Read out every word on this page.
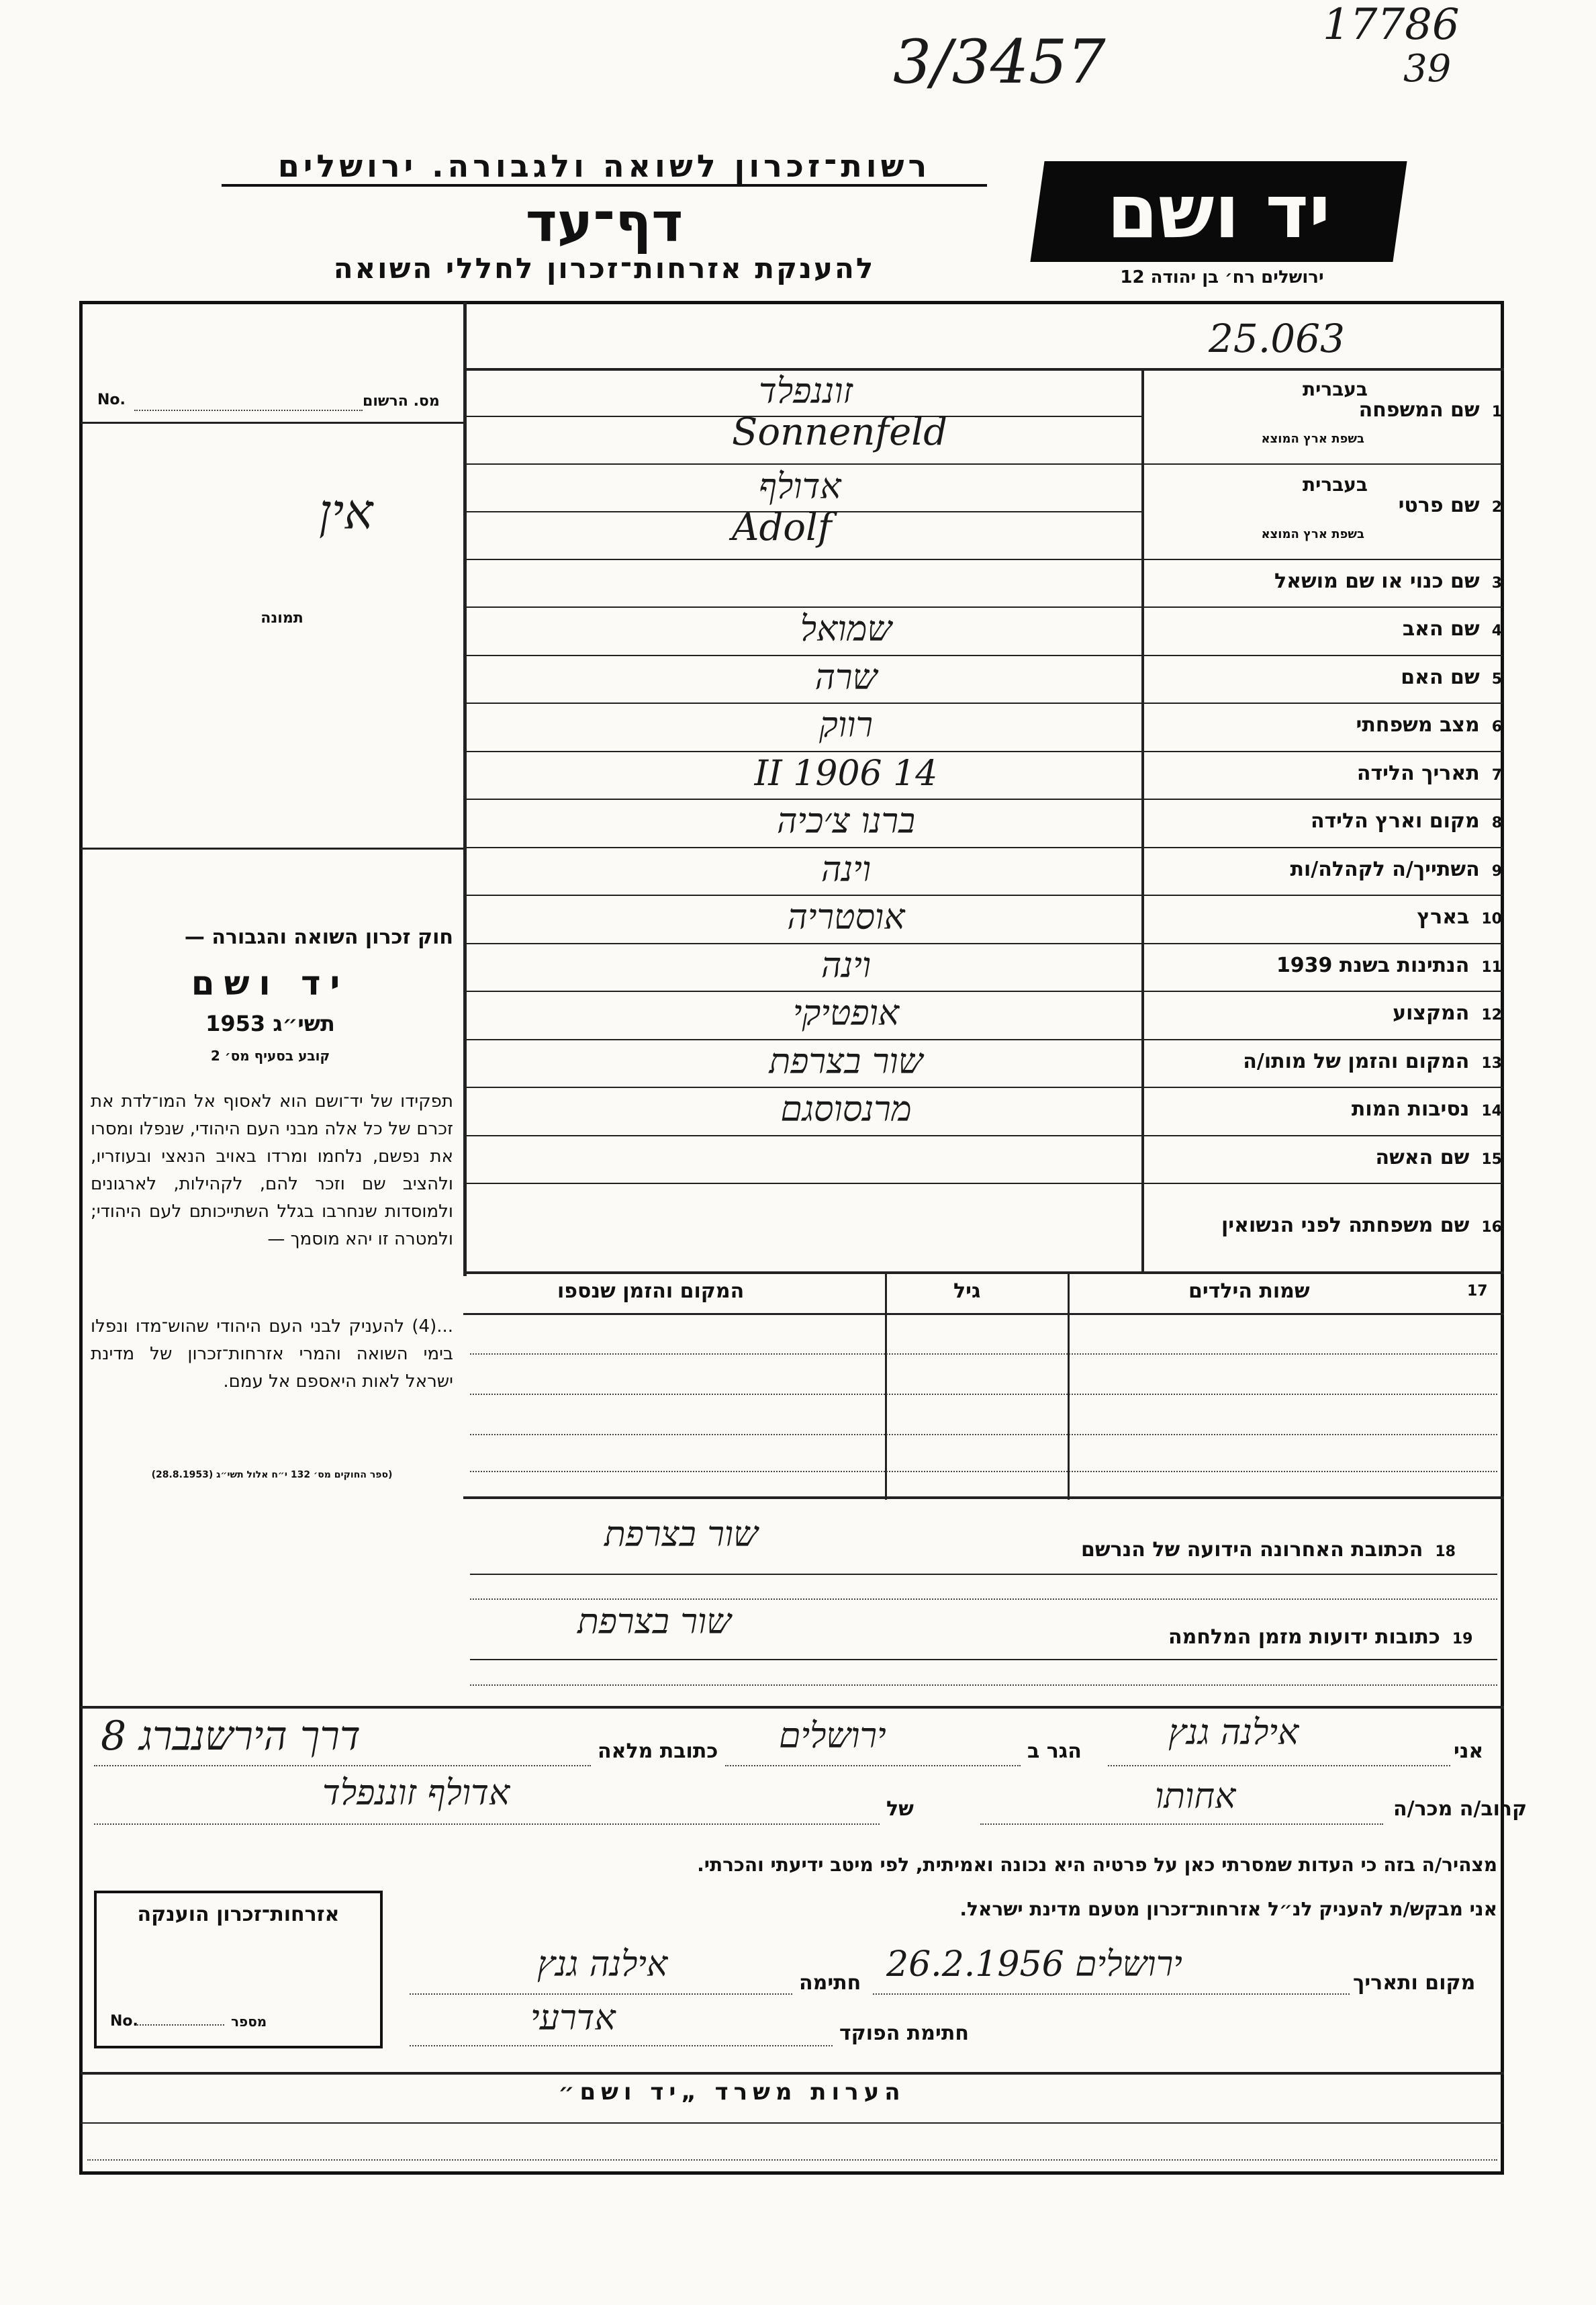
3/3457
17786
39
רשות־זכרון לשואה ולגבורה. ירושלים
דף־עד
להענקת אזרחות־זכרון לחללי השואה
יד ושם
ירושלים רח׳ בן יהודה 12
25.063
מס. הרשום
No.
אין
תמונה
1שם המשפחה
בעברית
בשפת ארץ המוצא
זוננפלד
Sonnenfeld
2שם פרטי
בעברית
בשפת ארץ המוצא
אדולף
Adolf
3שם כנוי או שם מושאל
4שם האב
שמואל
5שם האם
שרה
6מצב משפחתי
רווק
7תאריך הלידה
14 II 1906
8מקום וארץ הלידה
ברנו צ׳כיה
9השתייך/ה לקהלה/ות
וינה
10בארץ
אוסטריה
11הנתינות בשנת 1939
וינה
12המקצוע
אופטיקי
13המקום והזמן של מותו/ה
שור בצרפת
14נסיבות המות
מרנסוסגם
15שם האשה
16שם משפחתה לפני הנשואין
חוק זכרון השואה והגבורה —
יד ושם
תשי״ג 1953
קובע בסעיף מס׳ 2
תפקידו של יד־ושם הוא לאסוף אל המו־לדת את זכרם של כל אלה מבני העם היהודי, שנפלו ומסרו את נפשם, נלחמו ומרדו באויב הנאצי ובעוזריו, ולהציב שם וזכר להם, לקהילות, לארגונים ולמוסדות שנחרבו בגלל השתייכותם לעם היהודי; ולמטרה זו יהא מוסמך —
...(4) להעניק לבני העם היהודי שהוש־מדו ונפלו בימי השואה והמרי אזרחות־זכרון של מדינת ישראל לאות היאספם אל עמם.
(ספר החוקים מס׳ 132 י״ח אלול תשי״ג (28.8.1953)
17
שמות הילדים
גיל
המקום והזמן שנספו
18הכתובת האחרונה הידועה של הנרשם
שור בצרפת
19כתובות ידועות מזמן המלחמה
שור בצרפת
אני
אילנה גנץ
הגר ב
ירושלים
כתובת מלאה
דרך הירשנברג 8
קרוב/ה מכר/ה
אחותו
של
אדולף זוננפלד
מצהיר/ה בזה כי העדות שמסרתי כאן על פרטיה היא נכונה ואמיתית, לפי מיטב ידיעתי והכרתי.
אני מבקש/ת להעניק לנ״ל אזרחות־זכרון מטעם מדינת ישראל.
מקום ותאריך
ירושלים 26.2.1956
חתימה
אילנה גנץ
חתימת הפוקד
אדרעי
אזרחות־זכרון הוענקה
No.	מספר
הערות משרד „יד ושם״
